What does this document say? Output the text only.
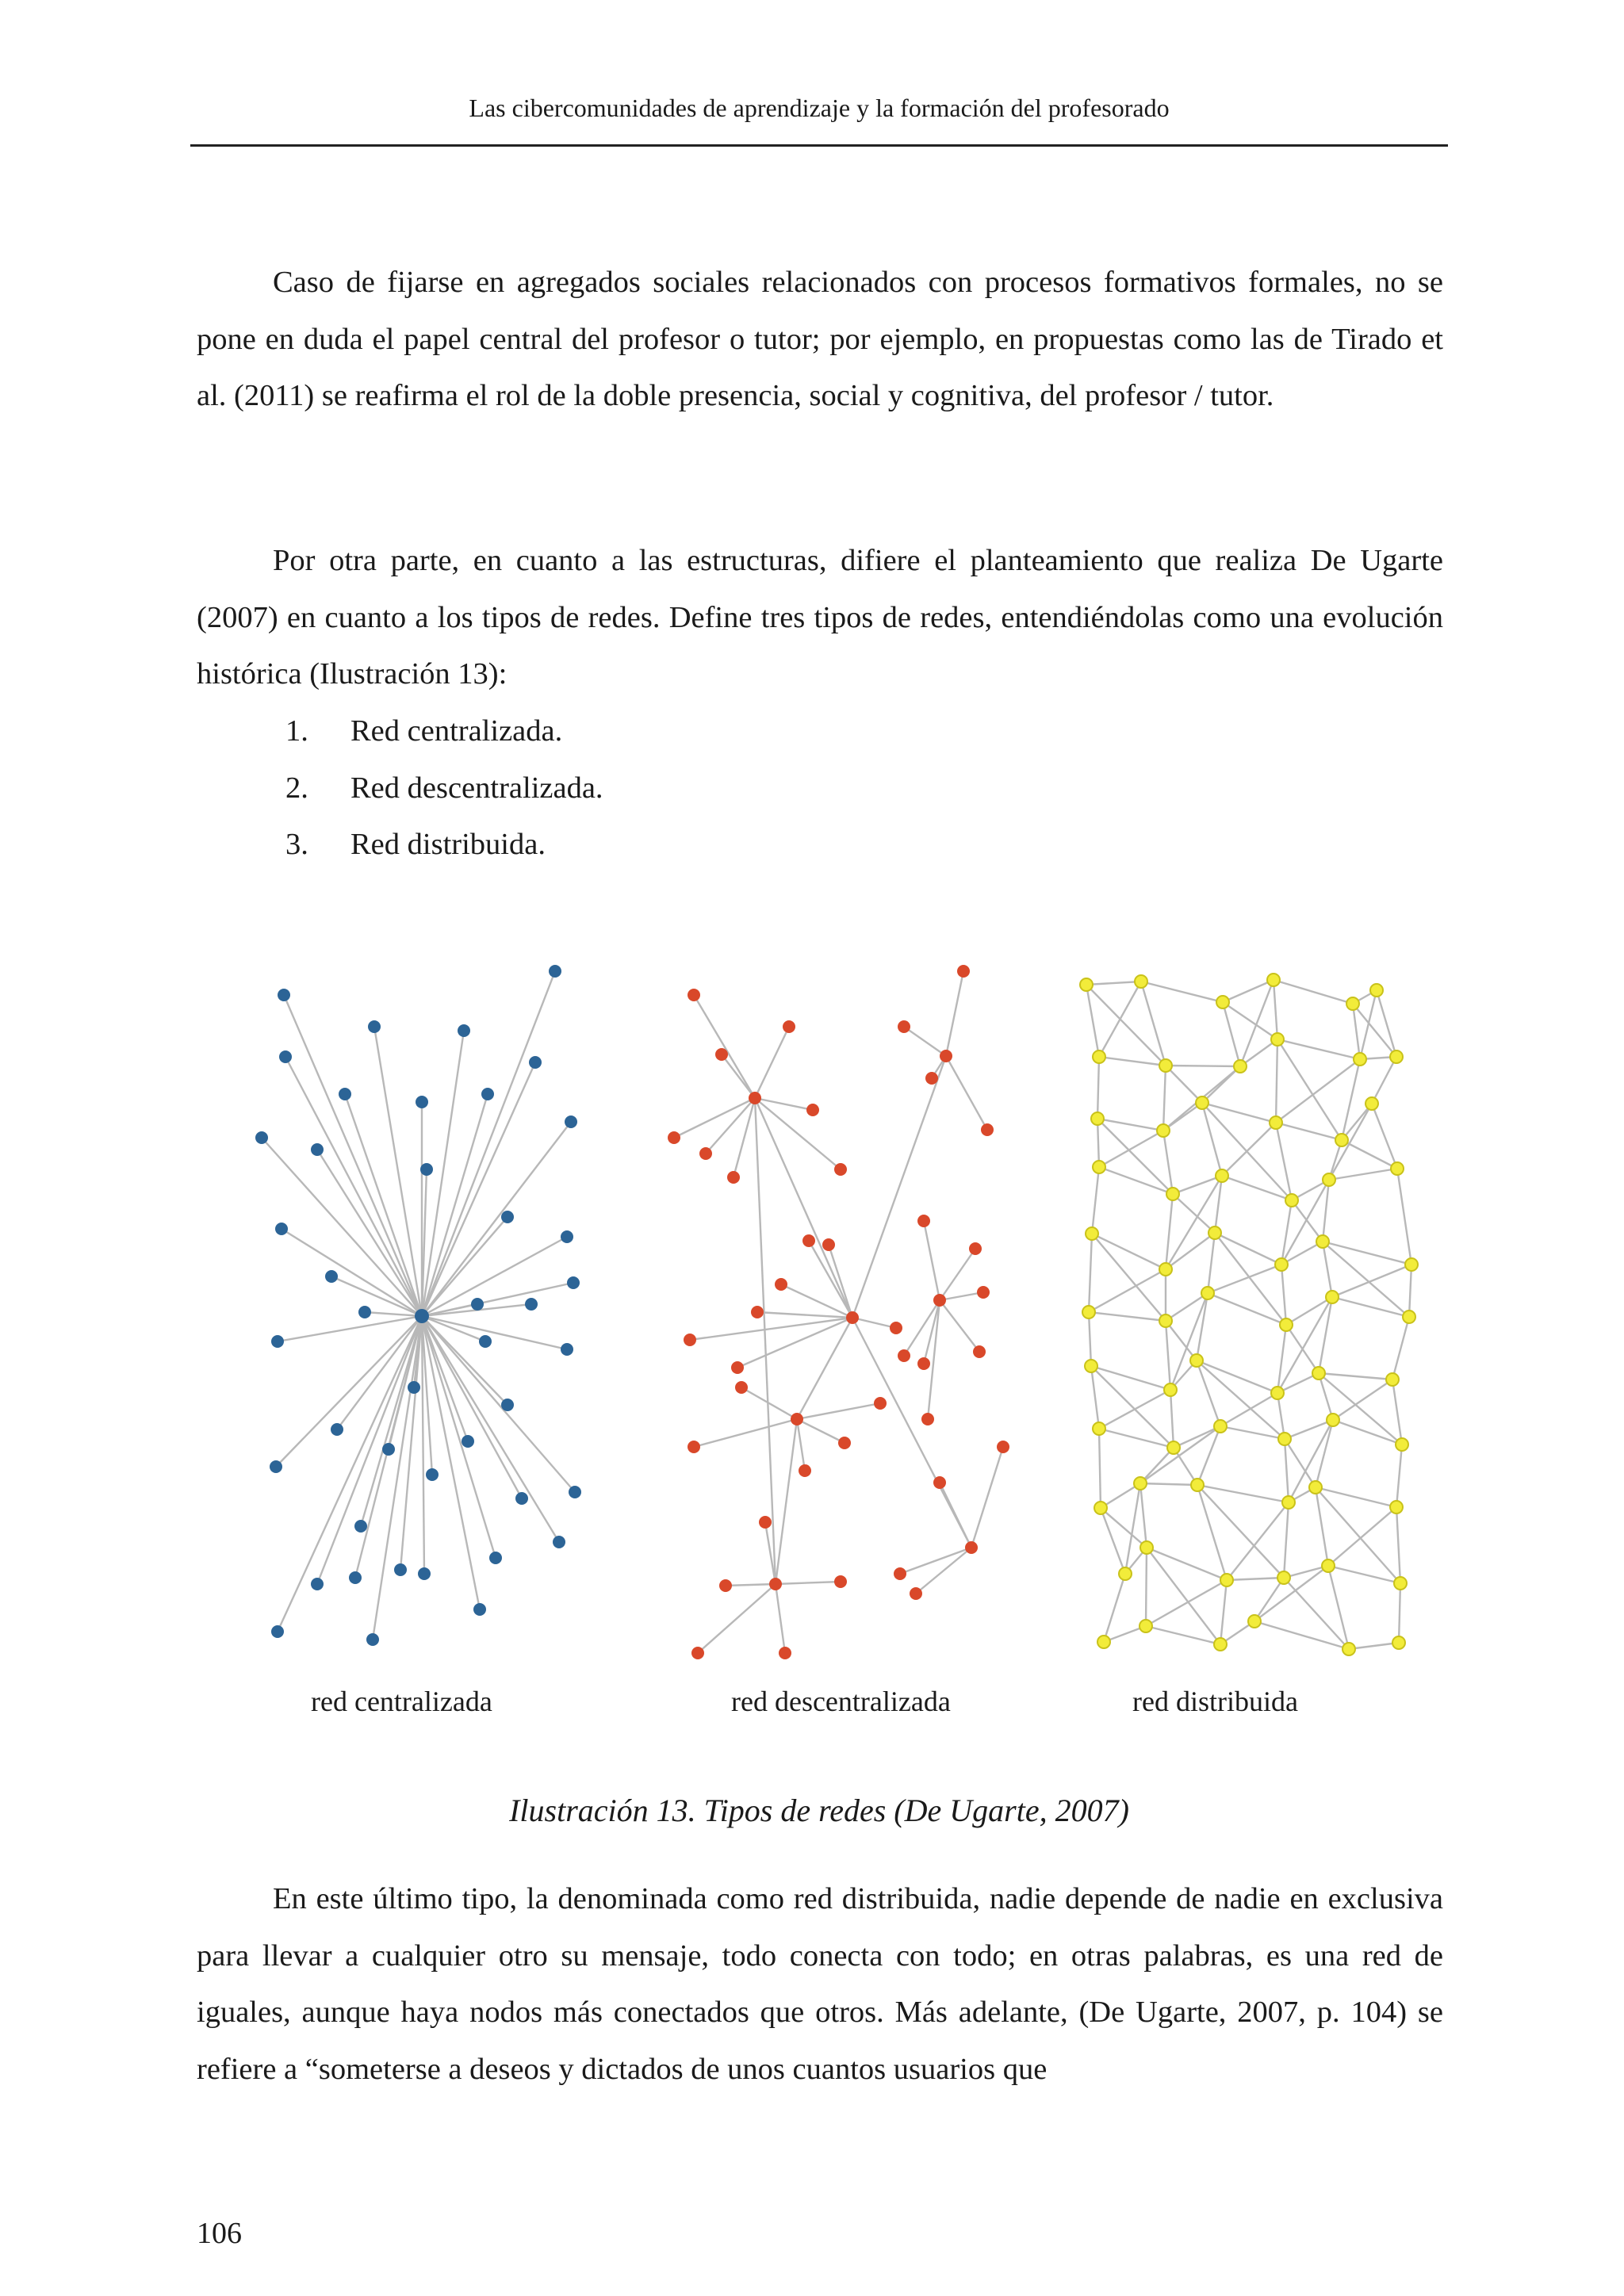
Las cibercomunidades de aprendizaje y la formación del profesorado

Caso de fijarse en agregados sociales relacionados con procesos formativos formales, no se pone en duda el papel central del profesor o tutor; por ejemplo, en propuestas como las de Tirado et al. (2011) se reafirma el rol de la doble presencia, social y cognitiva, del profesor / tutor.

Por otra parte, en cuanto a las estructuras, difiere el planteamiento que realiza De Ugarte (2007) en cuanto a los tipos de redes. Define tres tipos de redes, entendiéndolas como una evolución histórica (Ilustración 13):

1.	Red centralizada.
2.	Red descentralizada.
3.	Red distribuida.
red centralizada	red descentralizada	red distribuida
Ilustración 13. Tipos de redes (De Ugarte, 2007)

En este último tipo, la denominada como red distribuida, nadie depende de nadie en exclusiva para llevar a cualquier otro su mensaje, todo conecta con todo; en otras palabras, es una red de iguales, aunque haya nodos más conectados que otros. Más adelante, (De Ugarte, 2007, p. 104) se refiere a “someterse a deseos y dictados de unos cuantos usuarios que

106
